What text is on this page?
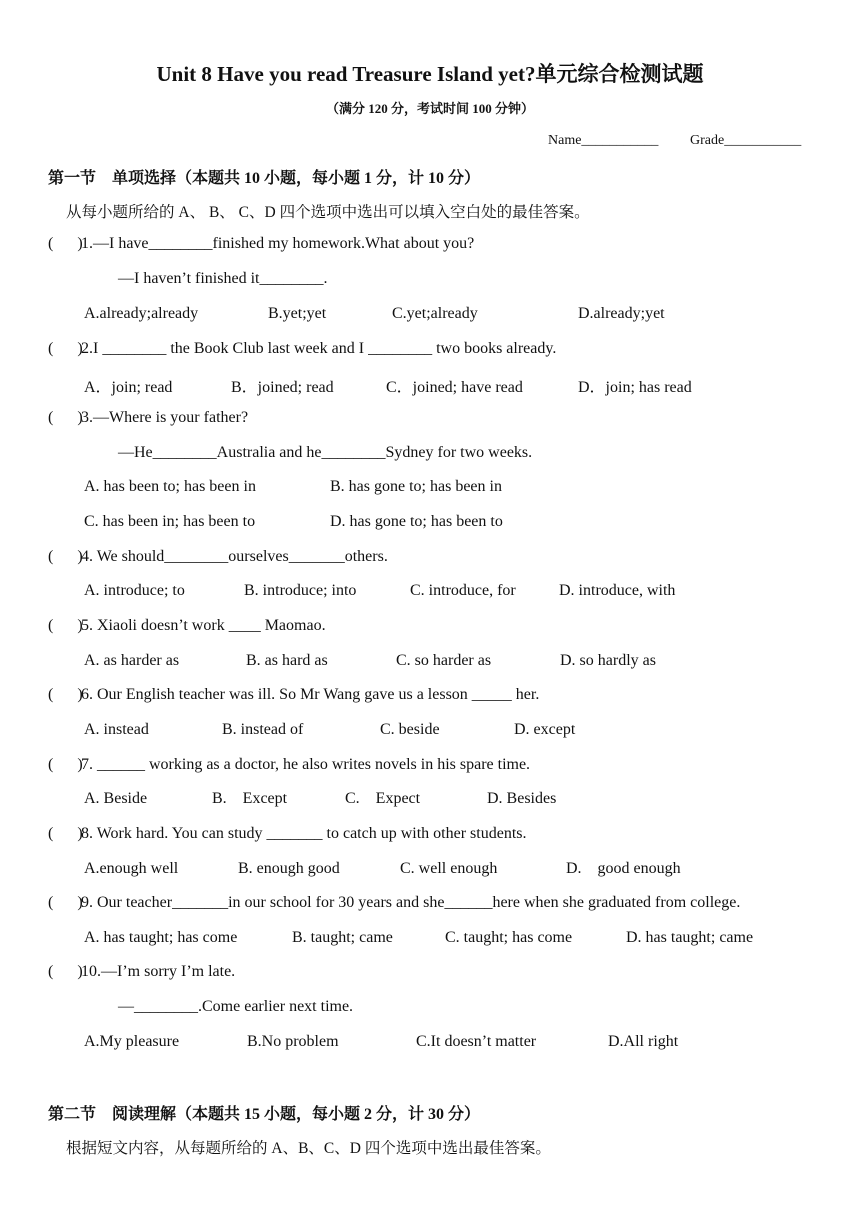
Unit 8 Have you read Treasure Island yet?单元综合检测试题
（满分 120 分，考试时间 100 分钟）
Name___________ Grade___________
第一节　单项选择（本题共 10 小题，每小题 1 分，计 10 分）
从每小题所给的 A、 B、 C、D 四个选项中选出可以填入空白处的最佳答案。
(      )
1.—I have________finished my homework.What about you?
—I haven’t finished it________.
A.already;already	B.yet;yet	C.yet;already	D.already;yet
(      )
2.I ________ the Book Club last week and I ________ two books already.
A．join; read	B．joined; read	C．joined; have read	D．join; has read
(      )
3.—Where is your father?
—He________Australia and he________Sydney for two weeks.
A. has been to; has been in	B. has gone to; has been in
C. has been in; has been to	D. has gone to; has been to
(      )
4. We should________ourselves_______others.
A. introduce; to	B. introduce; into	C. introduce, for	D. introduce, with
(      )
5. Xiaoli doesn’t work ____ Maomao.
A. as harder as	B. as hard as	C. so harder as	D. so hardly as
(      )
6. Our English teacher was ill. So Mr Wang gave us a lesson _____ her.
A. instead	B. instead of	C. beside	D. except
(      )
7. ______ working as a doctor, he also writes novels in his spare time.
A. Beside	B.    Except	C.    Expect	D. Besides
(      )
8. Work hard. You can study _______ to catch up with other students.
A.enough well	B. enough good	C. well enough	D.    good enough
(      )
9. Our teacher_______in our school for 30 years and she______here when she graduated from college.
A. has taught; has come	B. taught; came	C. taught; has come	D. has taught; came
(      )
10.—I’m sorry I’m late.
—________.Come earlier next time.
A.My pleasure	B.No problem	C.It doesn’t matter	D.All right
第二节　阅读理解（本题共 15 小题，每小题 2 分，计 30 分）
根据短文内容，从每题所给的 A、B、C、D 四个选项中选出最佳答案。
